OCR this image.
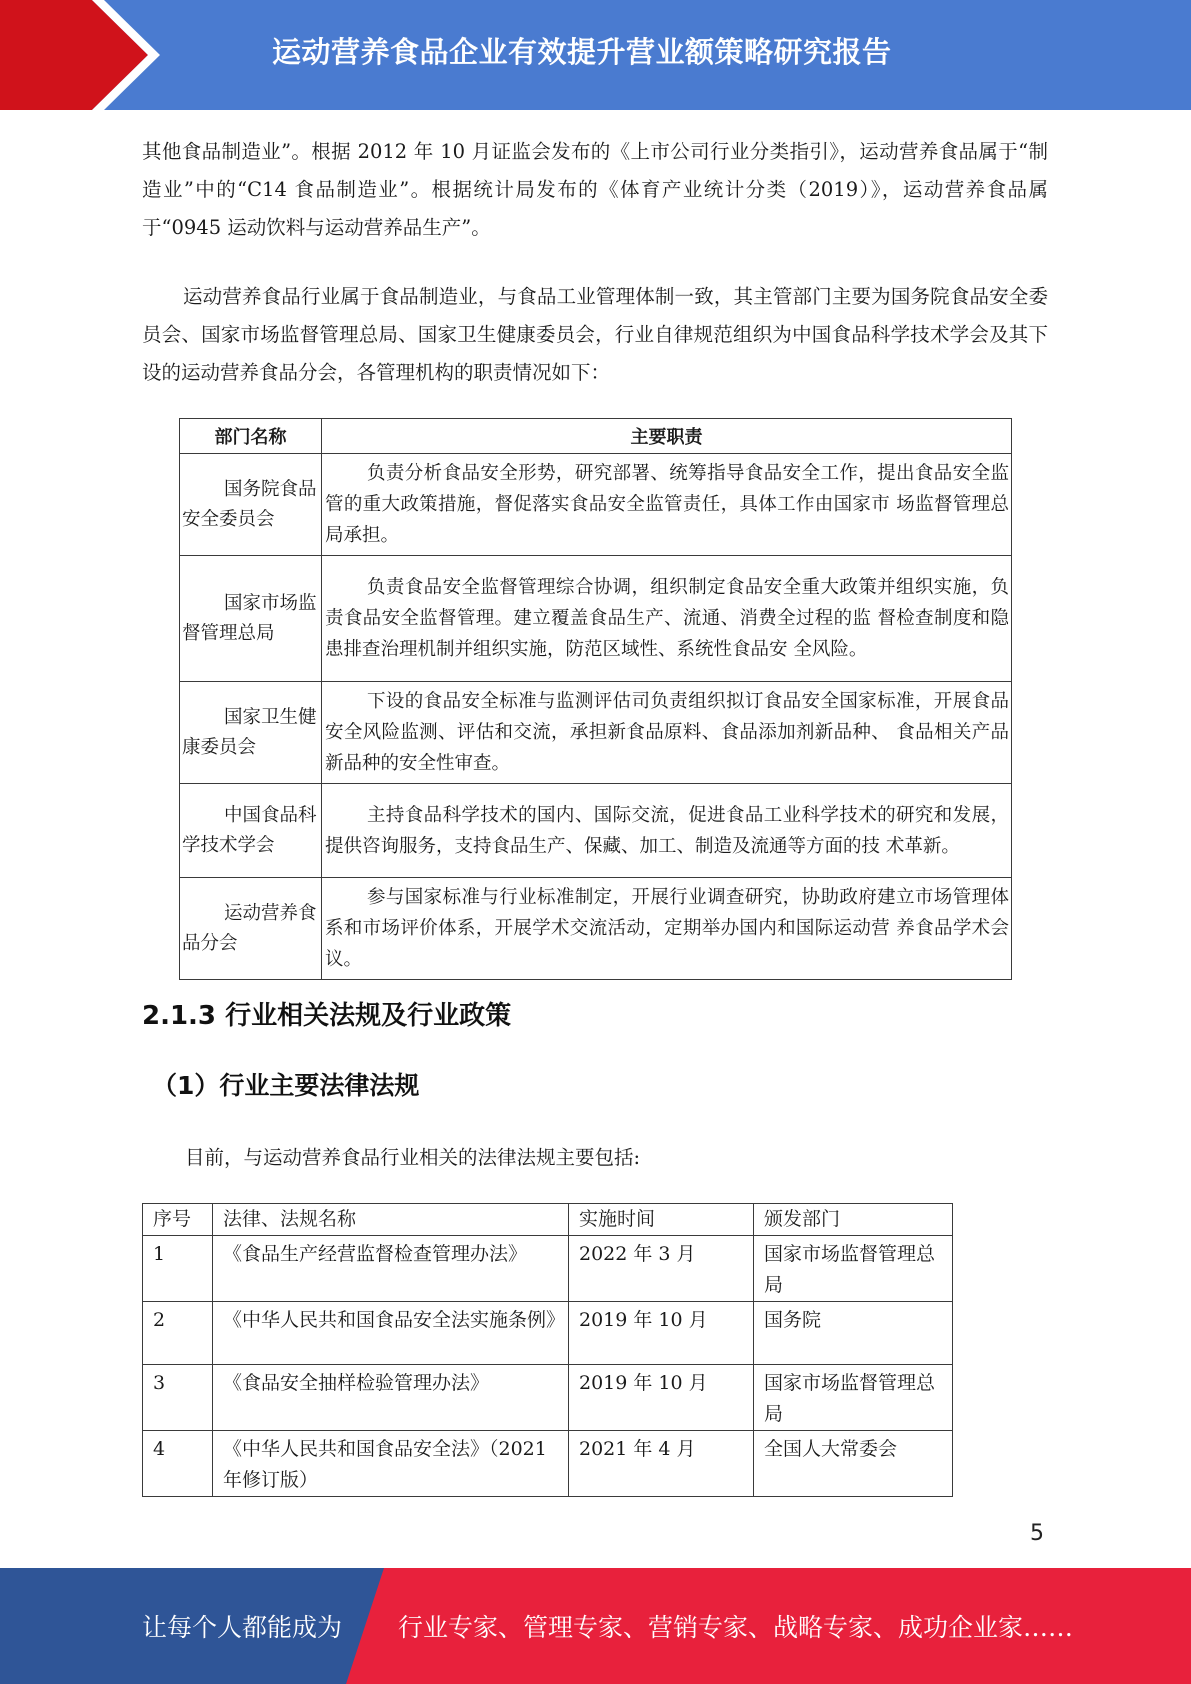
运动营养食品企业有效提升营业额策略研究报告

其他食品制造业”。根据 2012 年 10 月证监会发布的《上市公司行业分类指引》，运动营养食品属于“制造业”中的“C14 食品制造业”。根据统计局发布的《体育产业统计分类（2019）》，运动营养食品属于“0945 运动饮料与运动营养品生产”。

运动营养食品行业属于食品制造业，与食品工业管理体制一致，其主管部门主要为国务院食品安全委员会、国家市场监督管理总局、国家卫生健康委员会，行业自律规范组织为中国食品科学技术学会及其下设的运动营养食品分会，各管理机构的职责情况如下：

部门名称	主要职责
国务院食品 安全委员会	负责分析食品安全形势，研究部署、统筹指导食品安全工作，提出食品安全监管的重大政策措施，督促落实食品安全监管责任，具体工作由国家市 场监督管理总局承担。
国家市场监 督管理总局	负责食品安全监督管理综合协调，组织制定食品安全重大政策并组织实施，负责食品安全监督管理。建立覆盖食品生产、流通、消费全过程的监 督检查制度和隐患排查治理机制并组织实施，防范区域性、系统性食品安 全风险。
国家卫生健 康委员会	下设的食品安全标准与监测评估司负责组织拟订食品安全国家标准，开展食品安全风险监测、评估和交流，承担新食品原料、食品添加剂新品种、 食品相关产品新品种的安全性审查。
中国食品科 学技术学会	主持食品科学技术的国内、国际交流，促进食品工业科学技术的研究和发展，提供咨询服务，支持食品生产、保藏、加工、制造及流通等方面的技 术革新。
运动营养食 品分会	参与国家标准与行业标准制定，开展行业调查研究，协助政府建立市场管理体系和市场评价体系，开展学术交流活动，定期举办国内和国际运动营 养食品学术会议。
2.1.3 行业相关法规及行业政策
（1）行业主要法律法规

目前，与运动营养食品行业相关的法律法规主要包括:

序号	法律、法规名称	实施时间	颁发部门
1	《食品生产经营监督检查管理办法》	2022 年 3 月	国家市场监督管理总局
2	《中华人民共和国食品安全法实施条例》	2019 年 10 月	国务院
3	《食品安全抽样检验管理办法》	2019 年 10 月	国家市场监督管理总局
4	《中华人民共和国食品安全法》（2021 年修订版）	2021 年 4 月	全国人大常委会
5
让每个人都能成为 行业专家、管理专家、营销专家、战略专家、成功企业家……
